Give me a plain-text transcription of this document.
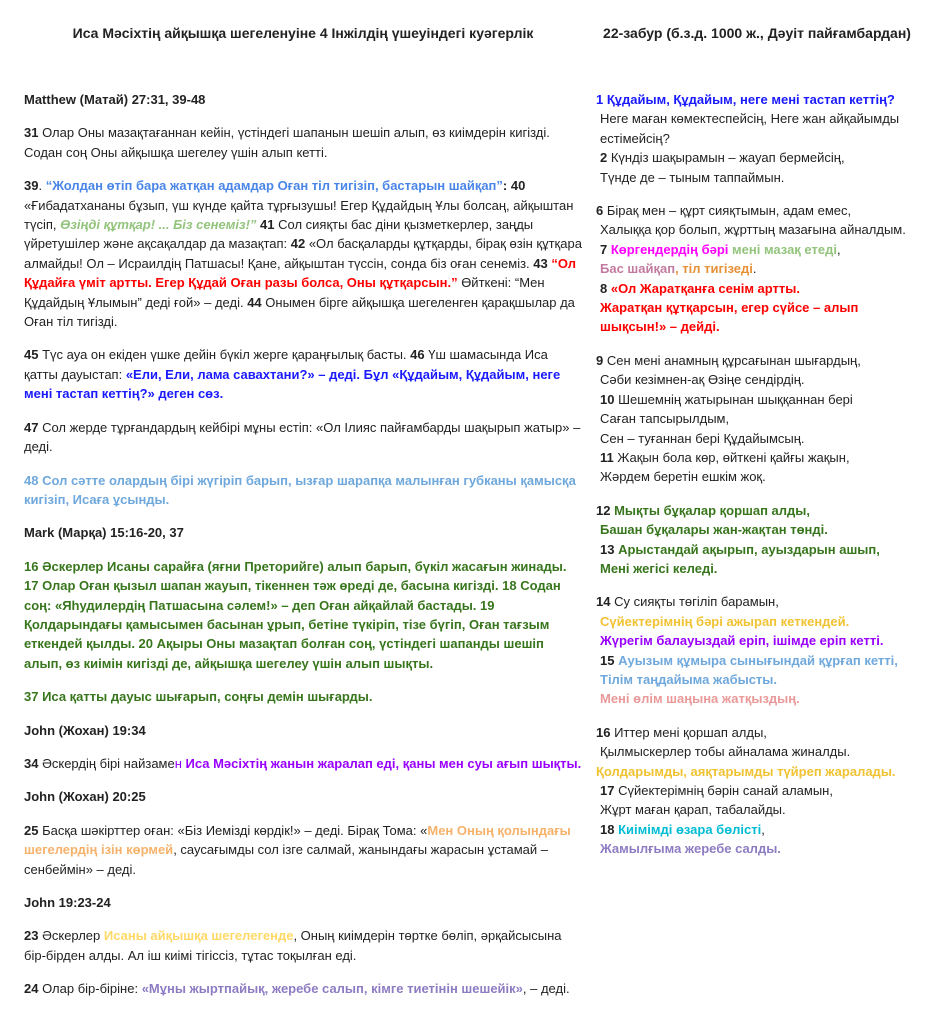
Иса Мәсіхтің айқышқа шегеленуіне 4 Інжілдің үшеуіндегі куәгерлік
Matthew (Матай) 27:31, 39-48

31 Олар Оны мазақтағаннан кейін, үстіндегі шапанын шешіп алып, өз киімдерін кигізді. Содан соң Оны айқышқа шегелеу үшін алып кетті.

39. “Жолдан өтіп бара жатқан адамдар Оған тіл тигізіп, бастарын шайқап”: 40 «Ғибадатхананы бұзып, үш күнде қайта тұрғызушы! Егер Құдайдың Ұлы болсаң, айқыштан түсіп, Өзіңді құтқар! ... Біз сенеміз!” 41 Сол сияқты бас діни қызметкерлер, заңды үйретушілер және ақсақалдар да мазақтап: 42 «Ол басқаларды құтқарды, бірақ өзін құтқара алмайды! Ол – Исраилдің Патшасы! Қане, айқыштан түссін, сонда біз оған сенеміз. 43 “Ол Құдайға үміт артты. Егер Құдай Оған разы болса, Оны құтқарсын.” Өйткені: “Мен Құдайдың Ұлымын” деді ғой» – деді. 44 Онымен бірге айқышқа шегеленген қарақшылар да Оған тіл тигізді.

45 Түс ауа он екіден үшке дейін бүкіл жерге қараңғылық басты. 46 Үш шамасында Иса қатты дауыстап: «Ели, Ели, лама савахтани?» – деді. Бұл «Құдайым, Құдайым, неге мені тастап кеттің?» деген сөз.

47 Сол жерде тұрғандардың кейбірі мұны естіп: «Ол Ілияс пайғамбарды шақырып жатыр» – деді.

48 Сол сәтте олардың бірі жүгіріп барып, ызғар шарапқа малынған губканы қамысқа кигізіп, Исаға ұсынды.

Mark (Марқа) 15:16-20, 37

16 Әскерлер Исаны сарайға (яғни Преторийге) алып барып, бүкіл жасағын жинады. 17 Олар Оған қызыл шапан жауып, тікеннен тәж өреді де, басына кигізді. 18 Содан соң: «Яһудилердің Патшасына сәлем!» – деп Оған айқайлай бастады. 19 Қолдарындағы қамысымен басынан ұрып, бетіне түкіріп, тізе бүгіп, Оған тағзым еткендей қылды. 20 Ақыры Оны мазақтап болған соң, үстіндегі шапанды шешіп алып, өз киімін кигізді де, айқышқа шегелеу үшін алып шықты.

37 Иса қатты дауыс шығарып, соңғы демін шығарды.

John (Жохан) 19:34

34 Әскердің бірі найзамен Иса Мәсіхтің жанын жаралап еді, қаны мен суы ағып шықты.

John (Жохан) 20:25

25 Басқа шәкірттер оған: «Біз Иемізді көрдік!» – деді. Бірақ Тома: «Мен Оның қолындағы шегелердің ізін көрмей, саусағымды сол ізге салмай, жанындағы жарасын ұстамай – сенбеймін» – деді.

John 19:23-24

23 Әскерлер Исаны айқышқа шегелегенде, Оның киімдерін төртке бөліп, әрқайсысына бір-бірден алды. Ал іш киімі тігіссіз, тұтас тоқылған еді.

24 Олар бір-біріне: «Мұны жыртпайық, жеребе салып, кімге тиетінін шешейік», – деді.

22-забур (б.з.д. 1000 ж., Дәуіт пайғамбардан)
1 Құдайым, Құдайым, неге мені тастап кеттің?
Неге маған көмектеспейсің, Неге жан айқайымды естімейсің?
2 Күндіз шақырамын – жауап бермейсің,
Түнде де – тыным таппаймын.
6 Бірақ мен – құрт сияқтымын, адам емес,
Халыққа қор болып, жұрттың мазағына айналдым.
7 Көргендердің бәрі мені мазақ етеді,
Бас шайқап, тіл тигізеді.
8 «Ол Жаратқанға сенім артты.
Жаратқан құтқарсын, егер сүйсе – алып шықсын!» – дейді.
9 Сен мені анамның құрсағынан шығардың,
Сәби кезімнен-ақ Өзіңе сендірдің.
10 Шешемнің жатырынан шыққаннан бері
Саған тапсырылдым,
Сен – туғаннан бері Құдайымсың.
11 Жақын бола көр, өйткені қайғы жақын,
Жәрдем беретін ешкім жоқ.
12 Мықты бұқалар қоршап алды,
Башан бұқалары жан-жақтан төнді.
13 Арыстандай ақырып, ауыздарын ашып,
Мені жегісі келеді.
14 Су сияқты төгіліп барамын,
Сүйектерімнің бәрі ажырап кеткендей.
Жүрегім балауыздай еріп, ішімде еріп кетті.
15 Ауызым құмыра сынығындай құрғап кетті,
Тілім таңдайыма жабысты.
Мені өлім шаңына жатқыздың.
16 Иттер мені қоршап алды,
Қылмыскерлер тобы айналама жиналды.
Қолдарымды, аяқтарымды түйреп жаралады.
17 Сүйектерімнің бәрін санай аламын,
Жұрт маған қарап, табалайды.
18 Киімімді өзара бөлісті,
Жамылғыма жеребе салды.
